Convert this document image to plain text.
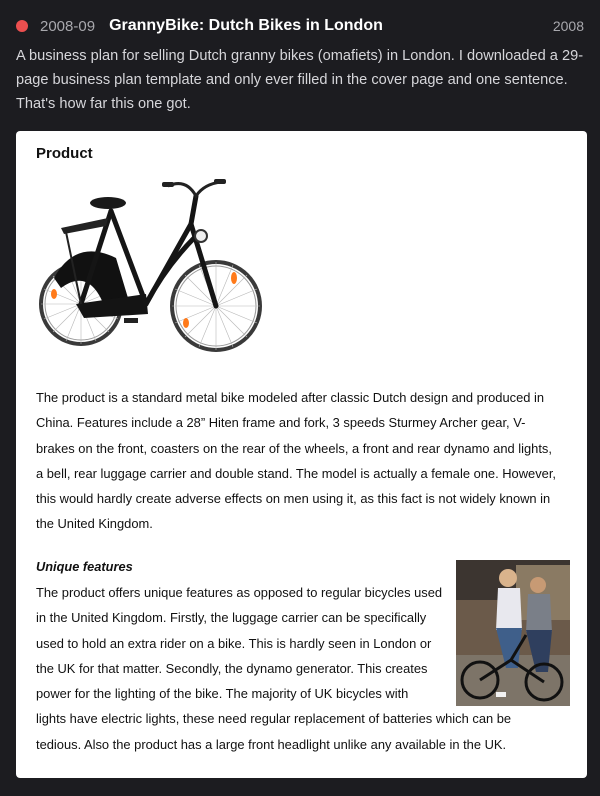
2008-09 GrannyBike: Dutch Bikes in London	2008
A business plan for selling Dutch granny bikes (omafiets) in London. I downloaded a 29-page business plan template and only ever filled in the cover page and one sentence. That's how far this one got.
Product
The product is a standard metal bike modeled after classic Dutch design and produced in China. Features include a 28” Hiten frame and fork, 3 speeds Sturmey Archer gear, V-brakes on the front, coasters on the rear of the wheels, a front and rear dynamo and lights, a bell, rear luggage carrier and double stand. The model is actually a female one. However, this would hardly create adverse effects on men using it, as this fact is not widely known in the United Kingdom.
Unique features
The product offers unique features as opposed to regular bicycles used
in the United Kingdom. Firstly, the luggage carrier can be specifically
used to hold an extra rider on a bike. This is hardly seen in London or
the UK for that matter. Secondly, the dynamo generator. This creates
power for the lighting of the bike. The majority of UK bicycles with
lights have electric lights, these need regular replacement of batteries which can be
tedious. Also the product has a large front headlight unlike any available in the UK.
